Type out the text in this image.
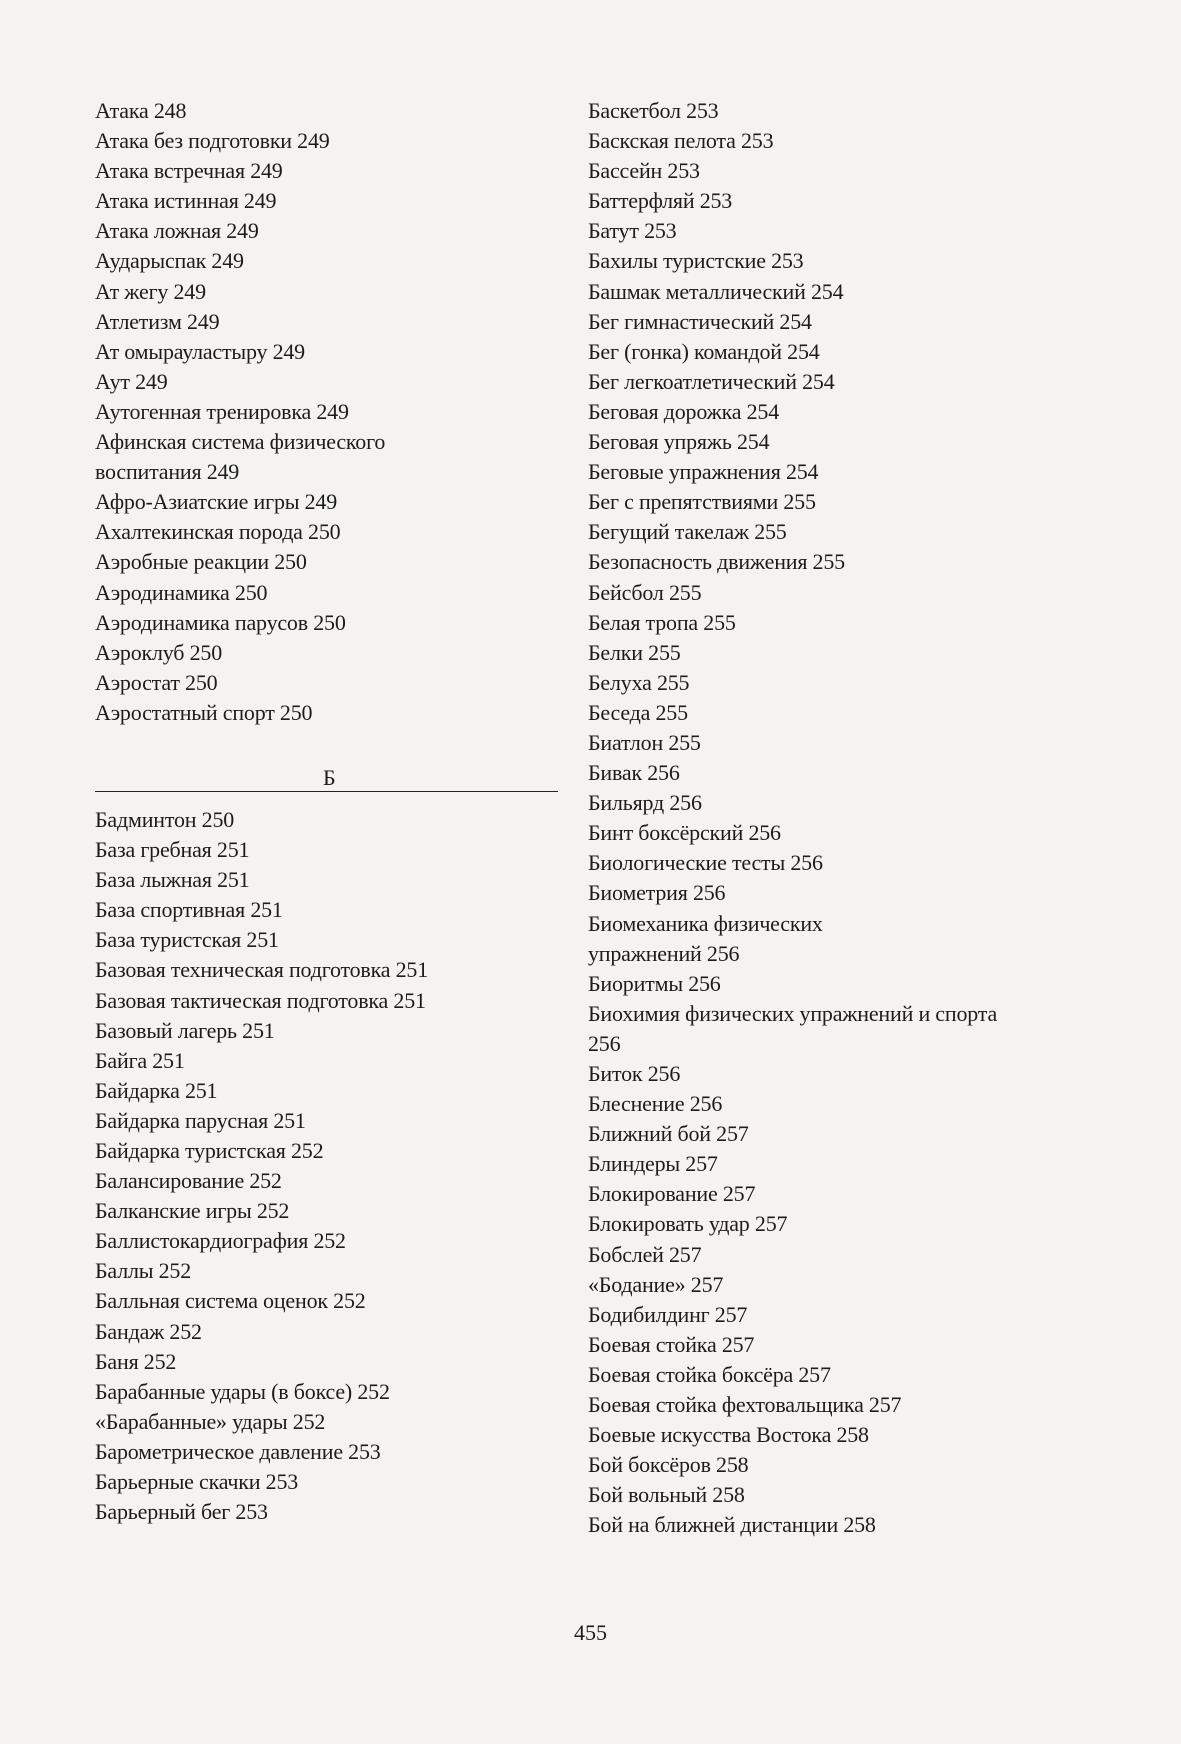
Атака 248
Атака без подготовки 249
Атака встречная 249
Атака истинная 249
Атака ложная 249
Аударыспак 249
Ат жегу 249
Атлетизм 249
Ат омырауластыру 249
Аут 249
Аутогенная тренировка 249
Афинская система физического воспитания 249
Афро-Азиатские игры 249
Ахалтекинская порода 250
Аэробные реакции 250
Аэродинамика 250
Аэродинамика парусов 250
Аэроклуб 250
Аэростат 250
Аэростатный спорт 250
Б
Бадминтон 250
База гребная 251
База лыжная 251
База спортивная 251
База туристская 251
Базовая техническая подготовка 251
Базовая тактическая подготовка 251
Базовый лагерь 251
Байга 251
Байдарка 251
Байдарка парусная 251
Байдарка туристская 252
Балансирование 252
Балканские игры 252
Баллистокардиография 252
Баллы 252
Балльная система оценок 252
Бандаж 252
Баня 252
Барабанные удары (в боксе) 252
«Барабанные» удары 252
Барометрическое давление 253
Барьерные скачки 253
Барьерный бег 253
Баскетбол 253
Баскская пелота 253
Бассейн 253
Баттерфляй 253
Батут 253
Бахилы туристские 253
Башмак металлический 254
Бег гимнастический 254
Бег (гонка) командой 254
Бег легкоатлетический 254
Беговая дорожка 254
Беговая упряжь 254
Беговые упражнения 254
Бег с препятствиями 255
Бегущий такелаж 255
Безопасность движения 255
Бейсбол 255
Белая тропа 255
Белки 255
Белуха 255
Беседа 255
Биатлон 255
Бивак 256
Бильярд 256
Бинт боксёрский 256
Биологические тесты 256
Биометрия 256
Биомеханика физических упражнений 256
Биоритмы 256
Биохимия физических упражнений и спорта 256
Биток 256
Блеснение 256
Ближний бой 257
Блиндеры 257
Блокирование 257
Блокировать удар 257
Бобслей 257
«Бодание» 257
Бодибилдинг 257
Боевая стойка 257
Боевая стойка боксёра 257
Боевая стойка фехтовальщика 257
Боевые искусства Востока 258
Бой боксёров 258
Бой вольный 258
Бой на ближней дистанции 258
455
